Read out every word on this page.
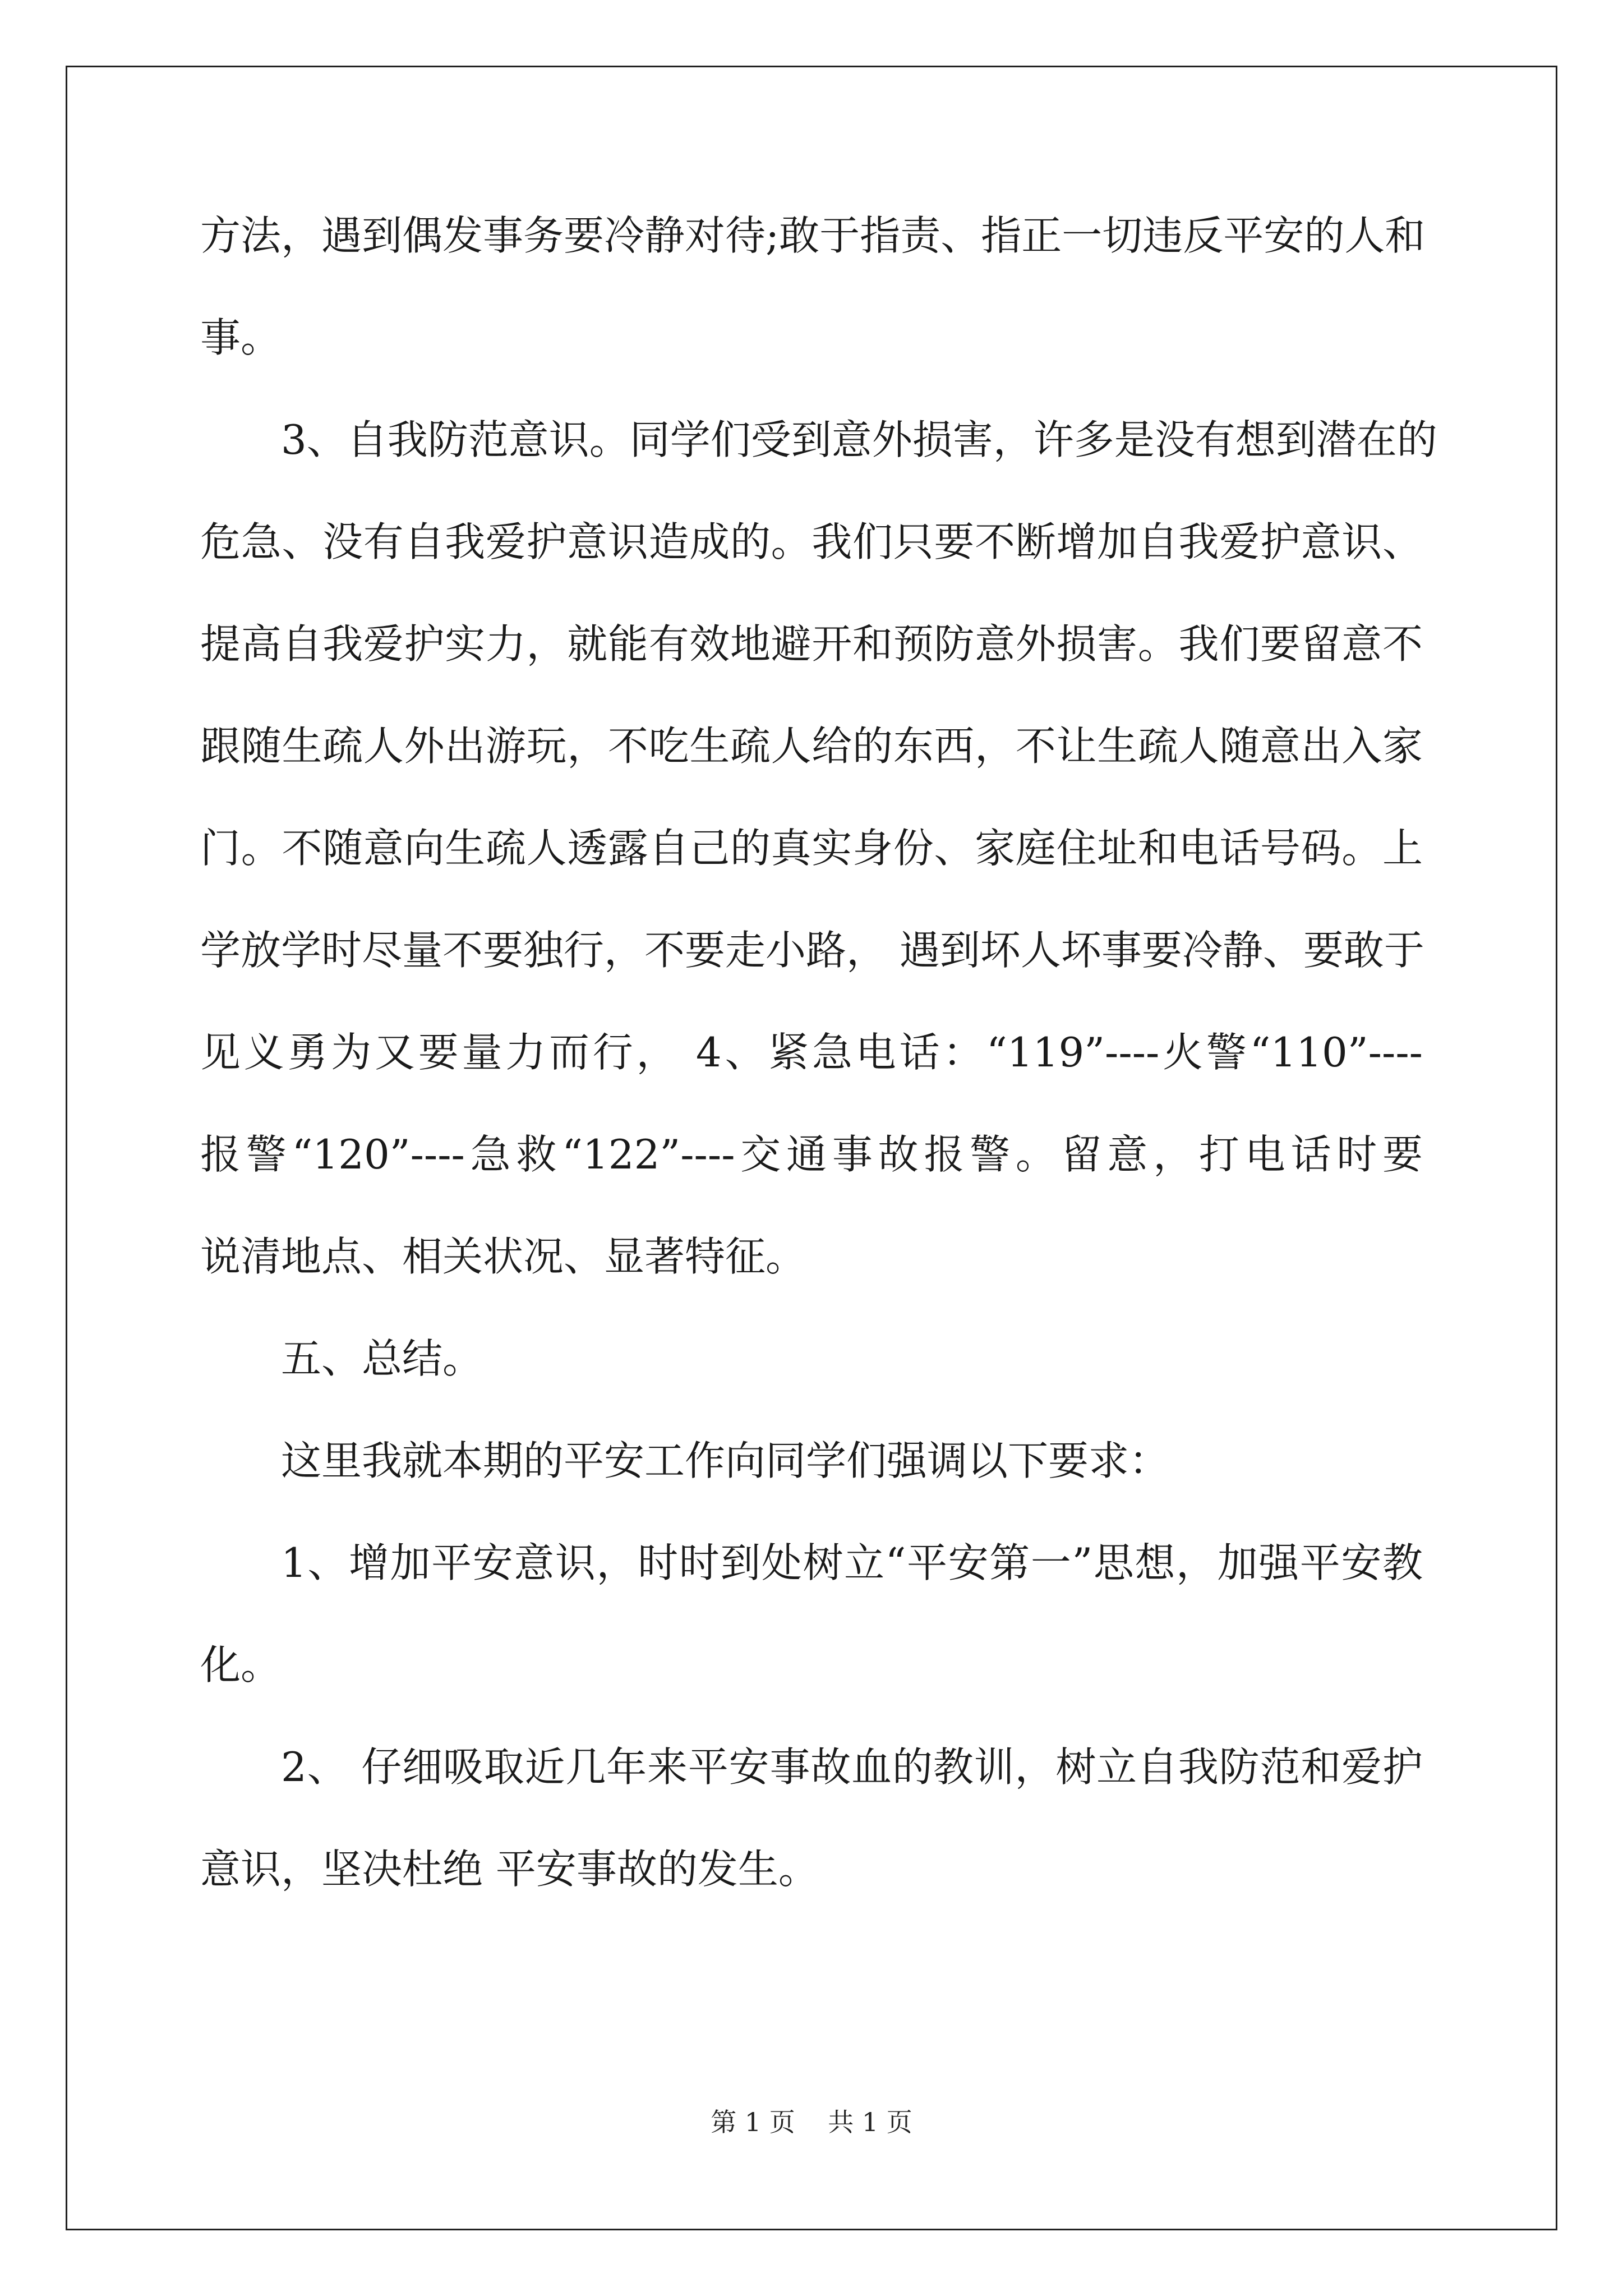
方法，遇到偶发事务要冷静对待;敢于指责、指正一切违反平安的人和
事。
3、自我防范意识。同学们受到意外损害，许多是没有想到潜在的
危急、没有自我爱护意识造成的。我们只要不断增加自我爱护意识、
提高自我爱护实力，就能有效地避开和预防意外损害。我们要留意不
跟随生疏人外出游玩，不吃生疏人给的东西，不让生疏人随意出入家
门。不随意向生疏人透露自己的真实身份、家庭住址和电话号码。上
学放学时尽量不要独行，不要走小路， 遇到坏人坏事要冷静、要敢于
见义勇为又要量力而行， 4、紧急电话：“119”----火警“110”----
报警“120”----急救“122”----交通事故报警。留意，打电话时要
说清地点、相关状况、显著特征。
五、总结。
这里我就本期的平安工作向同学们强调以下要求：
1、增加平安意识，时时到处树立“平安第一”思想，加强平安教
化。
2、 仔细吸取近几年来平安事故血的教训，树立自我防范和爱护
意识，坚决杜绝 平安事故的发生。
第 1 页    共 1 页
